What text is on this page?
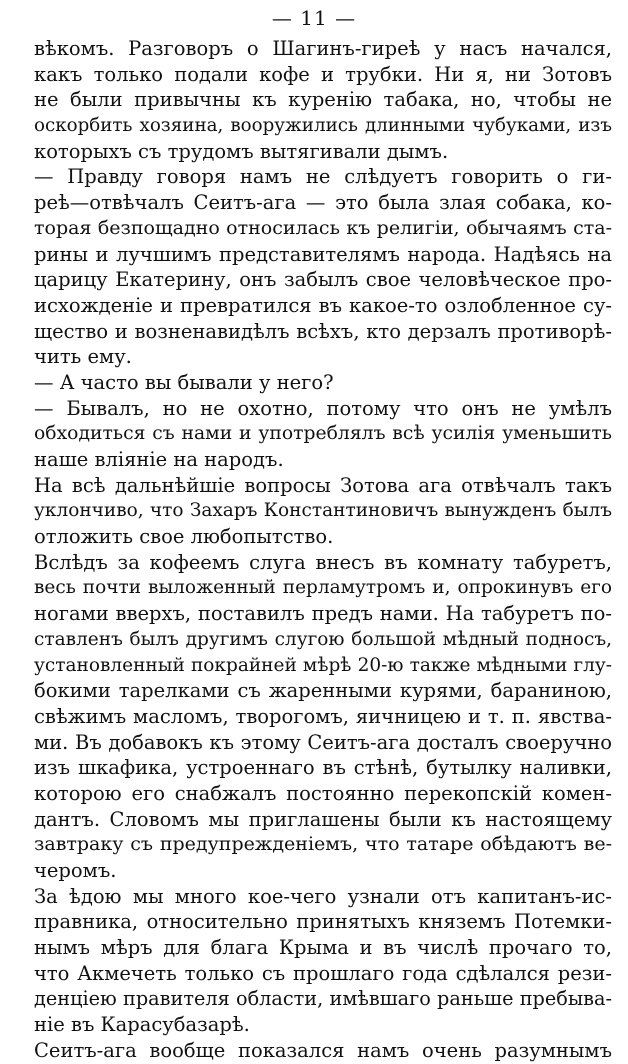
— 11 —
вѣкомъ. Разговоръ о Шагинъ-гиреѣ у насъ начался,
какъ только подали кофе и трубки. Ни я, ни Зотовъ
не были привычны къ куренію табака, но, чтобы не
оскорбить хозяина, вооружились длинными чубуками, изъ
которыхъ съ трудомъ вытягивали дымъ.
— Правду говоря намъ не слѣдуетъ говорить о ги-
реѣ—отвѣчалъ Сеитъ-ага — это была злая собака, ко-
торая безпощадно относилась къ религіи, обычаямъ ста-
рины и лучшимъ представителямъ народа. Надѣясь на
царицу Екатерину, онъ забылъ свое человѣческое про-
исхожденіе и превратился въ какое-то озлобленное су-
щество и возненавидѣлъ всѣхъ, кто дерзалъ противорѣ-
чить ему.
— А часто вы бывали у него?
— Бывалъ, но не охотно, потому что онъ не умѣлъ
обходиться съ нами и употреблялъ всѣ усилія уменьшить
наше вліяніе на народъ.
На всѣ дальнѣйшіе вопросы Зотова ага отвѣчалъ такъ
уклончиво, что Захаръ Константиновичъ вынужденъ былъ
отложить свое любопытство.
Вслѣдъ за кофеемъ слуга внесъ въ комнату табуретъ,
весь почти выложенный перламутромъ и, опрокинувъ его
ногами вверхъ, поставилъ предъ нами. На табуретъ по-
ставленъ былъ другимъ слугою большой мѣдный подносъ,
установленный покрайней мѣрѣ 20-ю также мѣдными глу-
бокими тарелками съ жаренными курями, бараниною,
свѣжимъ масломъ, творогомъ, яичницею и т. п. явства-
ми. Въ добавокъ къ этому Сеитъ-ага досталъ своеручно
изъ шкафика, устроеннаго въ стѣнѣ, бутылку наливки,
которою его снабжалъ постоянно перекопскій комен-
дантъ. Словомъ мы приглашены были къ настоящему
завтраку съ предупрежденіемъ, что татаре обѣдаютъ ве-
черомъ.
За ѣдою мы много кое-чего узнали отъ капитанъ-ис-
правника, относительно принятыхъ княземъ Потемки-
нымъ мѣръ для блага Крыма и въ числѣ прочаго то,
что Акмечеть только съ прошлаго года сдѣлался рези-
денціею правителя области, имѣвшаго раньше пребыва-
ніе въ Карасубазарѣ.
Сеитъ-ага вообще показался намъ очень разумнымъ
